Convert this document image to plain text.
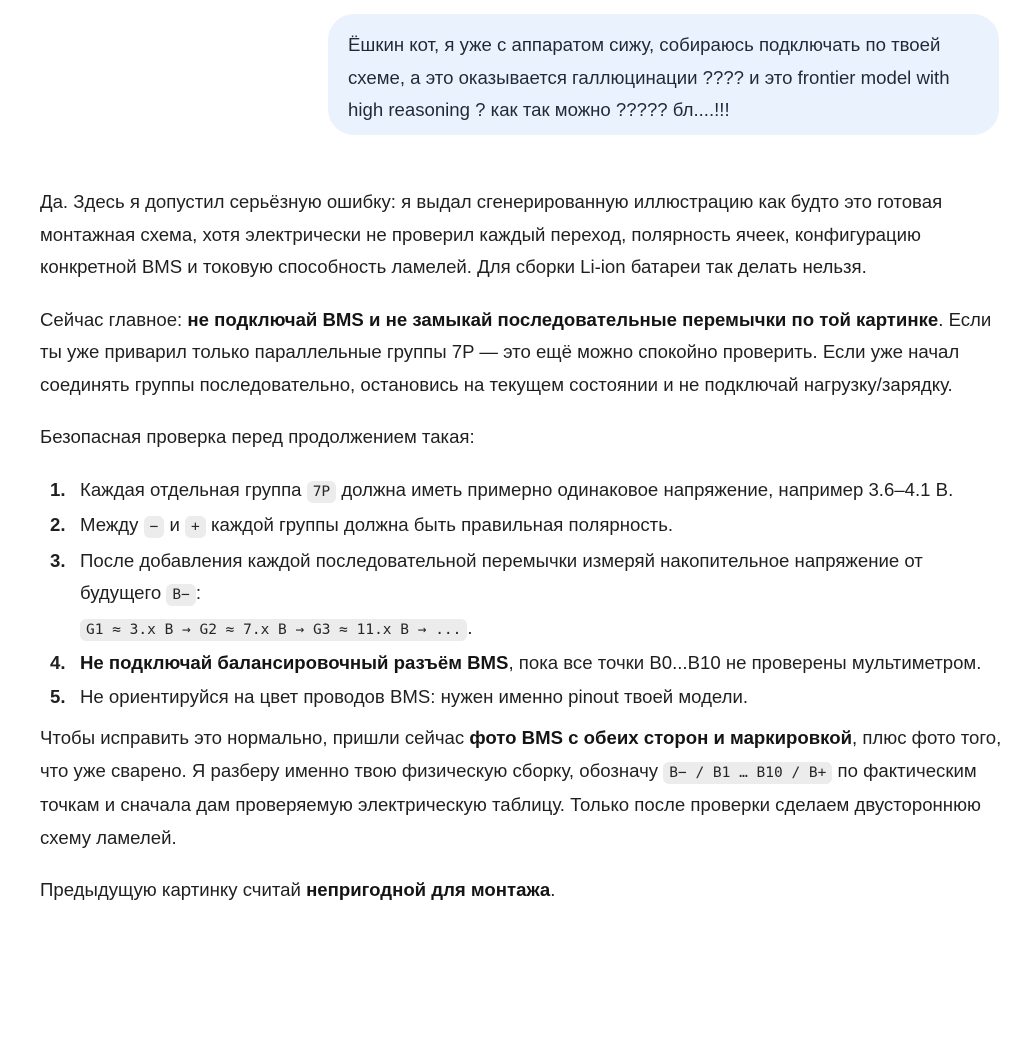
Ёшкин кот, я уже с аппаратом сижу, собираюсь подключать по твоей схеме, а это оказывается галлюцинации ???? и это frontier model with high reasoning ? как так можно ????? бл....!!!

Да. Здесь я допустил серьёзную ошибку: я выдал сгенерированную иллюстрацию как будто это готовая монтажная схема, хотя электрически не проверил каждый переход, полярность ячеек, конфигурацию конкретной BMS и токовую способность ламелей. Для сборки Li-ion батареи так делать нельзя.

Сейчас главное: не подключай BMS и не замыкай последовательные перемычки по той картинке. Если ты уже приварил только параллельные группы 7P — это ещё можно спокойно проверить. Если уже начал соединять группы последовательно, остановись на текущем состоянии и не подключай нагрузку/зарядку.

Безопасная проверка перед продолжением такая:

1. Каждая отдельная группа 7P должна иметь примерно одинаковое напряжение, например 3.6–4.1 В.
2. Между − и + каждой группы должна быть правильная полярность.
3. После добавления каждой последовательной перемычки измеряй накопительное напряжение от будущего B− :
G1 ≈ 3.x В → G2 ≈ 7.x В → G3 ≈ 11.x В → ... .
4. Не подключай балансировочный разъём BMS, пока все точки B0...B10 не проверены мультиметром.
5. Не ориентируйся на цвет проводов BMS: нужен именно pinout твоей модели.

Чтобы исправить это нормально, пришли сейчас фото BMS с обеих сторон и маркировкой, плюс фото того, что уже сварено. Я разберу именно твою физическую сборку, обозначу B− / B1 … B10 / B+ по фактическим точкам и сначала дам проверяемую электрическую таблицу. Только после проверки сделаем двустороннюю схему ламелей.

Предыдущую картинку считай непригодной для монтажа.
